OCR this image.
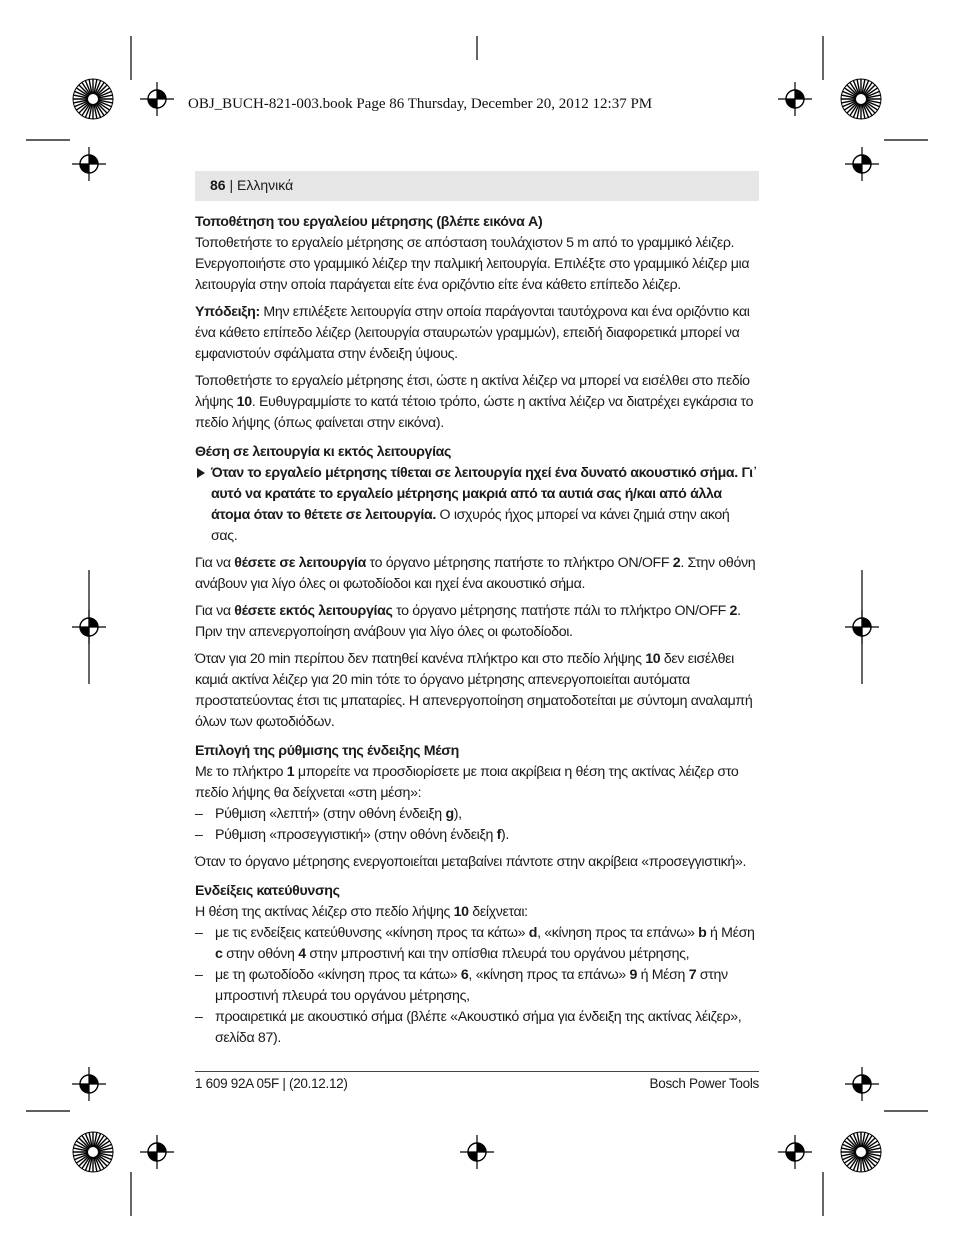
OBJ_BUCH-821-003.book Page 86 Thursday, December 20, 2012 12:37 PM
86 | Ελληνικά
Τοποθέτηση του εργαλείου μέτρησης (βλέπε εικόνα A)

Τοποθετήστε το εργαλείο μέτρησης σε απόσταση τουλάχιστον 5 m από το γραμμικό λέιζερ. Ενεργοποιήστε στο γραμμικό λέιζερ την παλμική λειτουργία. Επιλέξτε στο γραμμικό λέιζερ μια λειτουργία στην οποία παράγεται είτε ένα οριζόντιο είτε ένα κάθετο επίπεδο λέιζερ.

Υπόδειξη: Μην επιλέξετε λειτουργία στην οποία παράγονται ταυτόχρονα και ένα οριζόντιο και ένα κάθετο επίπεδο λέιζερ (λειτουργία σταυρωτών γραμμών), επειδή διαφορετικά μπορεί να εμφανιστούν σφάλματα στην ένδειξη ύψους.

Τοποθετήστε το εργαλείο μέτρησης έτσι, ώστε η ακτίνα λέιζερ να μπορεί να εισέλθει στο πεδίο λήψης 10. Ευθυγραμμίστε το κατά τέτοιο τρόπο, ώστε η ακτίνα λέιζερ να διατρέχει εγκάρσια το πεδίο λήψης (όπως φαίνεται στην εικόνα).

Θέση σε λειτουργία κι εκτός λειτουργίας

Όταν το εργαλείο μέτρησης τίθεται σε λειτουργία ηχεί ένα δυνατό ακουστικό σήμα. Γι᾽ αυτό να κρατάτε το εργαλείο μέτρησης μακριά από τα αυτιά σας ή/και από άλλα άτομα όταν το θέτετε σε λειτουργία. Ο ισχυρός ήχος μπορεί να κάνει ζημιά στην ακοή σας.

Για να θέσετε σε λειτουργία το όργανο μέτρησης πατήστε το πλήκτρο ON/OFF 2. Στην οθόνη ανάβουν για λίγο όλες οι φωτοδίοδοι και ηχεί ένα ακουστικό σήμα.

Για να θέσετε εκτός λειτουργίας το όργανο μέτρησης πατήστε πάλι το πλήκτρο ON/OFF 2. Πριν την απενεργοποίηση ανάβουν για λίγο όλες οι φωτοδίοδοι.

Όταν για 20 min περίπου δεν πατηθεί κανένα πλήκτρο και στο πεδίο λήψης 10 δεν εισέλθει καμιά ακτίνα λέιζερ για 20 min τότε το όργανο μέτρησης απενεργοποιείται αυτόματα προστατεύοντας έτσι τις μπαταρίες. Η απενεργοποίηση σηματοδοτείται με σύντομη αναλαμπή όλων των φωτοδιόδων.

Επιλογή της ρύθμισης της ένδειξης Μέση

Με το πλήκτρο 1 μπορείτε να προσδιορίσετε με ποια ακρίβεια η θέση της ακτίνας λέιζερ στο πεδίο λήψης θα δείχνεται «στη μέση»:

– Ρύθμιση «λεπτή» (στην οθόνη ένδειξη g),
– Ρύθμιση «προσεγγιστική» (στην οθόνη ένδειξη f).

Όταν το όργανο μέτρησης ενεργοποιείται μεταβαίνει πάντοτε στην ακρίβεια «προσεγγιστική».

Ενδείξεις κατεύθυνσης

Η θέση της ακτίνας λέιζερ στο πεδίο λήψης 10 δείχνεται:

– με τις ενδείξεις κατεύθυνσης «κίνηση προς τα κάτω» d, «κίνηση προς τα επάνω» b ή Μέση c στην οθόνη 4 στην μπροστινή και την οπίσθια πλευρά του οργάνου μέτρησης,
– με τη φωτοδίοδο «κίνηση προς τα κάτω» 6, «κίνηση προς τα επάνω» 9 ή Μέση 7 στην μπροστινή πλευρά του οργάνου μέτρησης,
– προαιρετικά με ακουστικό σήμα (βλέπε «Ακουστικό σήμα για ένδειξη της ακτίνας λέιζερ», σελίδα 87).
1 609 92A 05F | (20.12.12)	Bosch Power Tools
